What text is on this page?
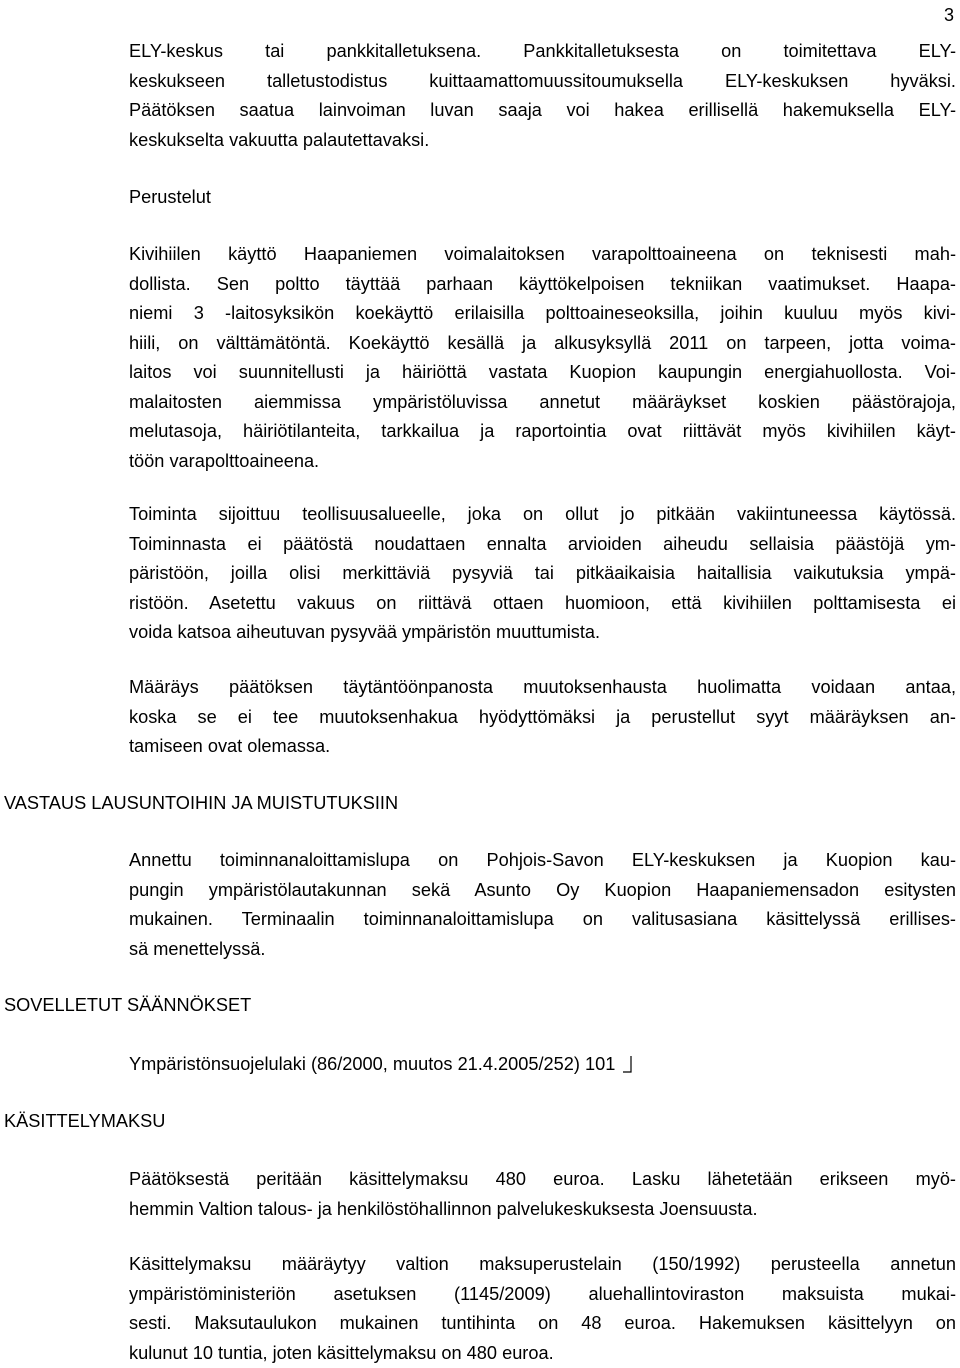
3
ELY-keskus tai pankkitalletuksena. Pankkitalletuksesta on toimitettava ELY-
keskukseen talletustodistus kuittaamattomuussitoumuksella ELY-keskuksen hyväksi.
Päätöksen saatua lainvoiman luvan saaja voi hakea erillisellä hakemuksella ELY-
keskukselta vakuutta palautettavaksi.
Perustelut
Kivihiilen käyttö Haapaniemen voimalaitoksen varapolttoaineena on teknisesti mah-
dollista. Sen poltto täyttää parhaan käyttökelpoisen tekniikan vaatimukset. Haapa-
niemi 3 -laitosyksikön koekäyttö erilaisilla polttoaineseoksilla, joihin kuuluu myös kivi-
hiili, on välttämätöntä. Koekäyttö kesällä ja alkusyksyllä 2011 on tarpeen, jotta voima-
laitos voi suunnitellusti ja häiriöttä vastata Kuopion kaupungin energiahuollosta. Voi-
malaitosten aiemmissa ympäristöluvissa annetut määräykset koskien päästörajoja,
melutasoja, häiriötilanteita, tarkkailua ja raportointia ovat riittävät myös kivihiilen käyt-
töön varapolttoaineena.
Toiminta sijoittuu teollisuusalueelle, joka on ollut jo pitkään vakiintuneessa käytössä.
Toiminnasta ei päätöstä noudattaen ennalta arvioiden aiheudu sellaisia päästöjä ym-
päristöön, joilla olisi merkittäviä pysyviä tai pitkäaikaisia haitallisia vaikutuksia ympä-
ristöön. Asetettu vakuus on riittävä ottaen huomioon, että kivihiilen polttamisesta ei
voida katsoa aiheutuvan pysyvää ympäristön muuttumista.
Määräys päätöksen täytäntöönpanosta muutoksenhausta huolimatta voidaan antaa,
koska se ei tee muutoksenhakua hyödyttömäksi ja perustellut syyt määräyksen an-
tamiseen ovat olemassa.
VASTAUS LAUSUNTOIHIN JA MUISTUTUKSIIN
Annettu toiminnanaloittamislupa on Pohjois-Savon ELY-keskuksen ja Kuopion kau-
pungin ympäristölautakunnan sekä Asunto Oy Kuopion Haapaniemensadon esitysten
mukainen. Terminaalin toiminnanaloittamislupa on valitusasiana käsittelyssä erillises-
sä menettelyssä.
SOVELLETUT SÄÄNNÖKSET
Ympäristönsuojelulaki (86/2000, muutos 21.4.2005/252) 101
KÄSITTELYMAKSU
Päätöksestä peritään käsittelymaksu 480 euroa. Lasku lähetetään erikseen myö-
hemmin Valtion talous- ja henkilöstöhallinnon palvelukeskuksesta Joensuusta.
Käsittelymaksu määräytyy valtion maksuperustelain (150/1992) perusteella annetun
ympäristöministeriön asetuksen (1145/2009) aluehallintoviraston maksuista mukai-
sesti. Maksutaulukon mukainen tuntihinta on 48 euroa. Hakemuksen käsittelyyn on
kulunut 10 tuntia, joten käsittelymaksu on 480 euroa.
